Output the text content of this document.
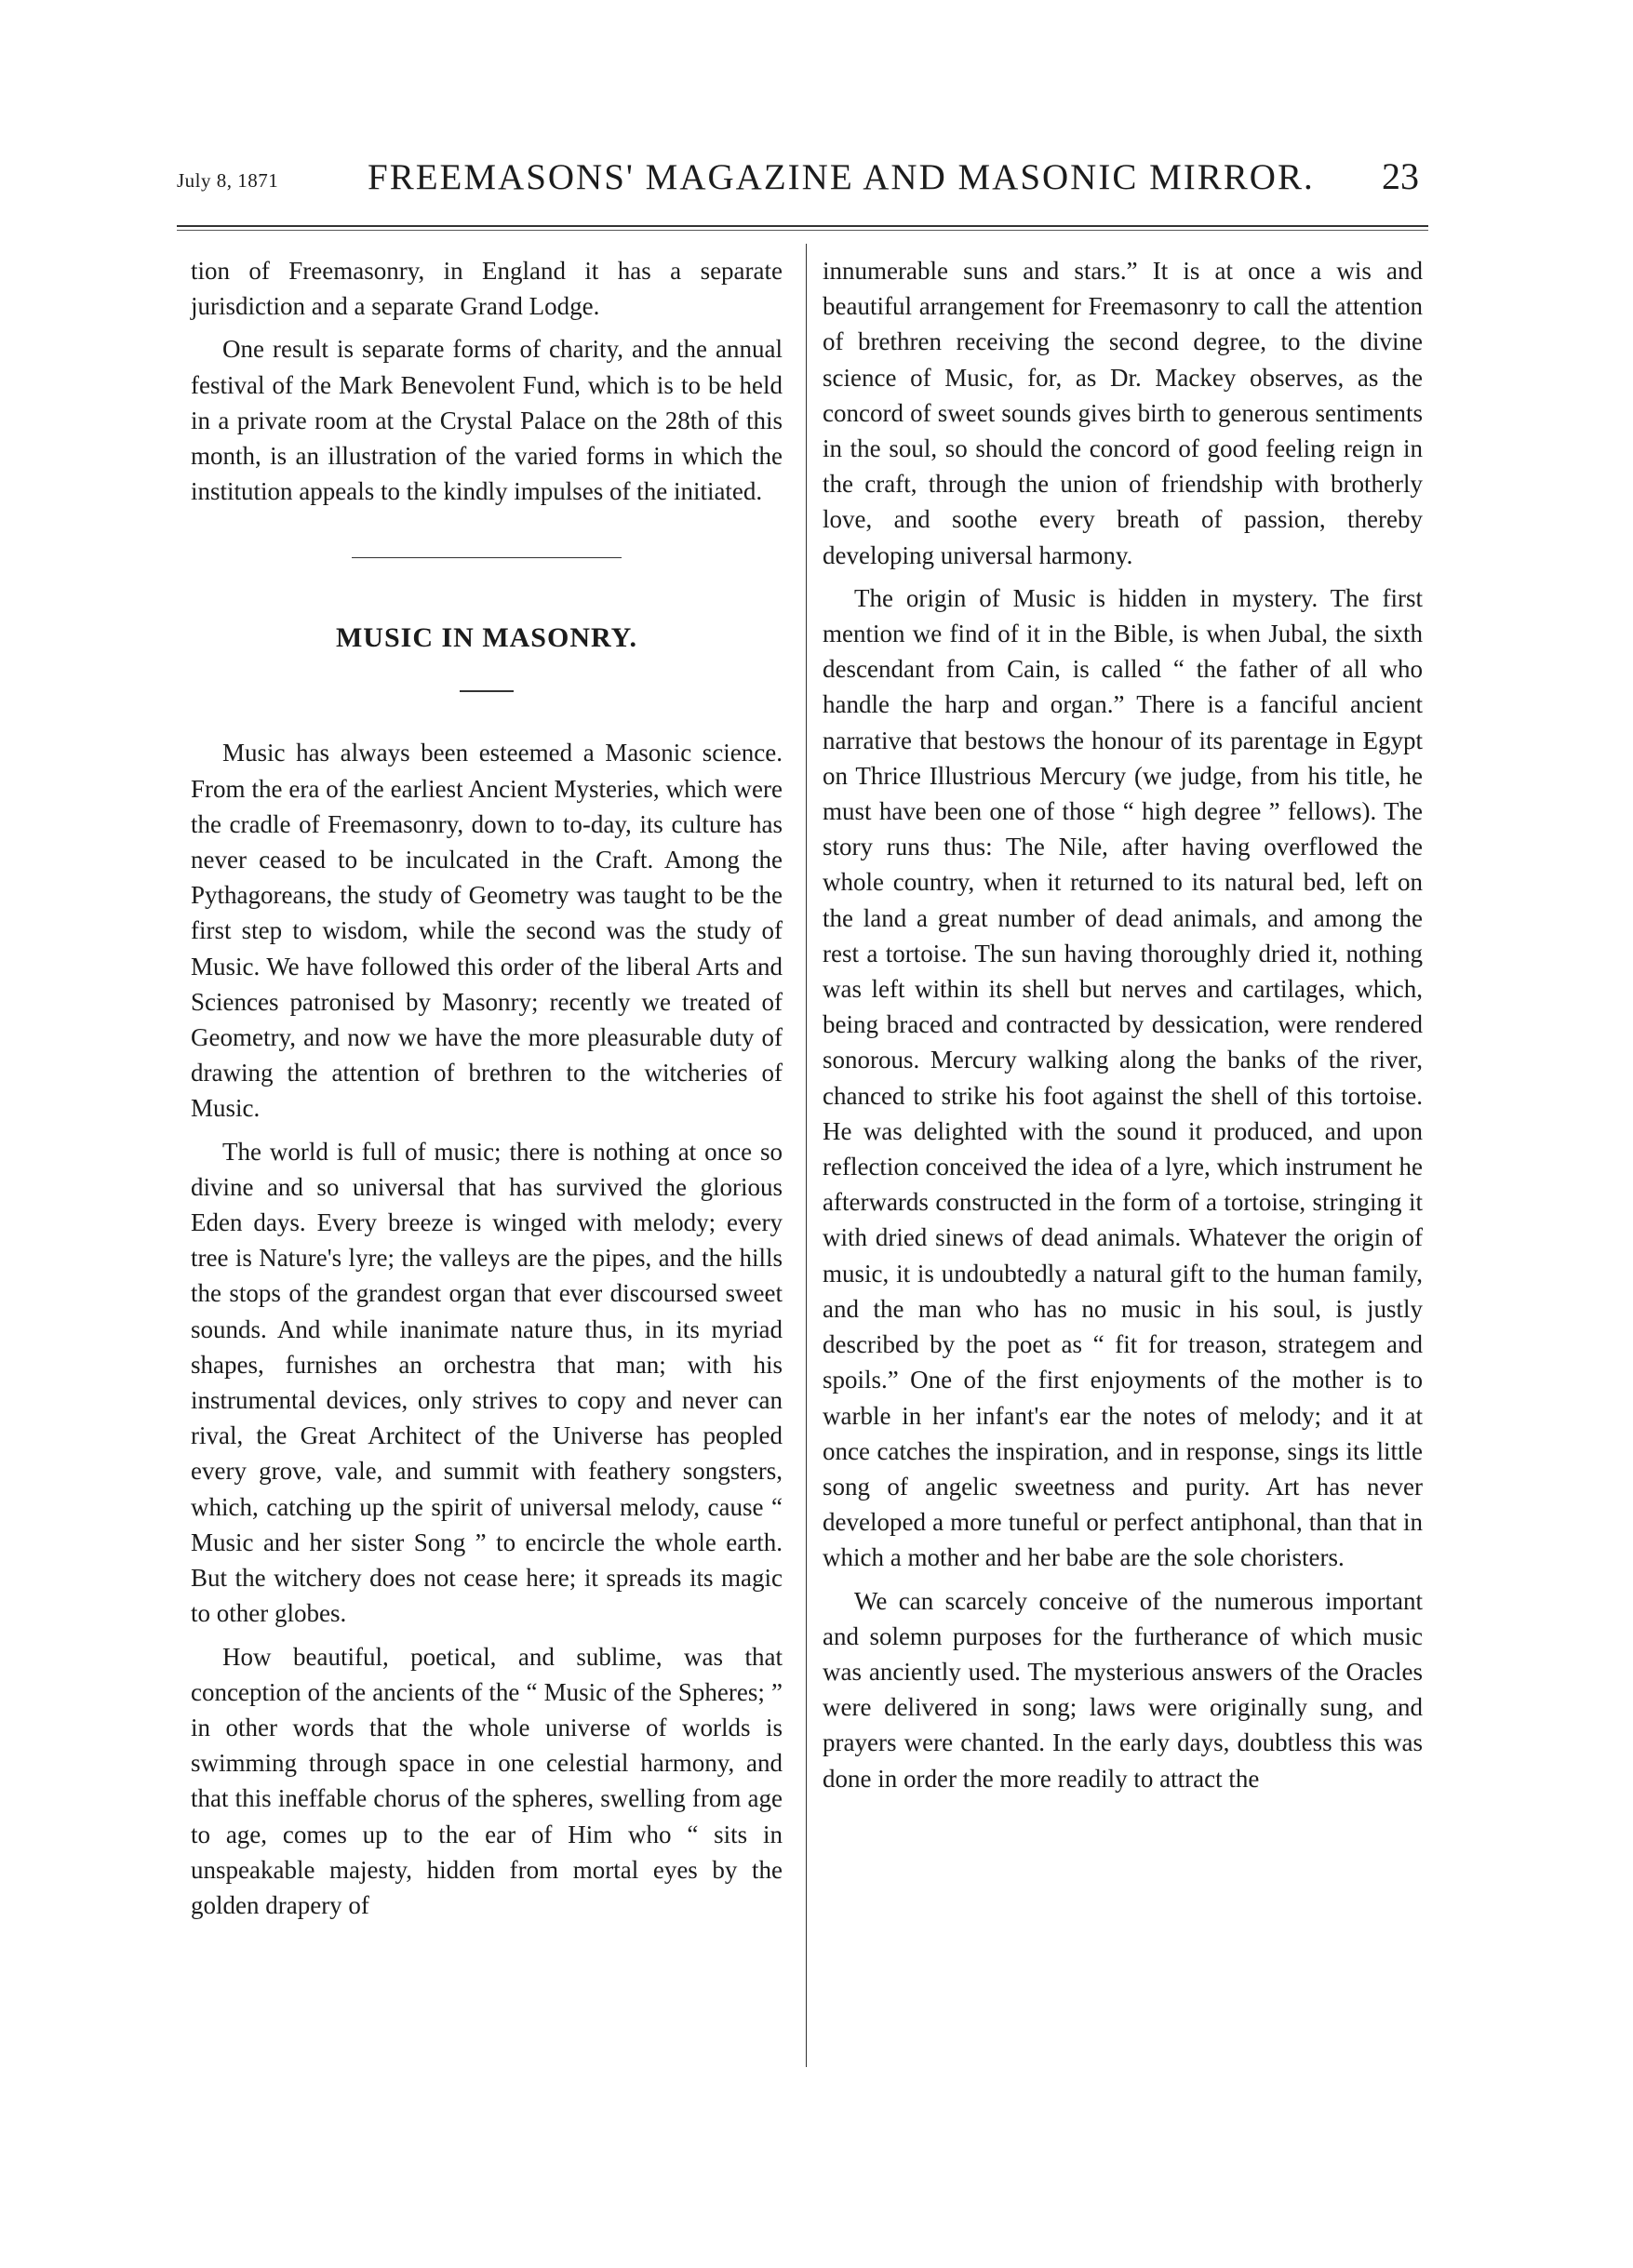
July 8, 1871 FREEMASONS' MAGAZINE AND MASONIC MIRROR. 23

tion of Freemasonry, in England it has a separate jurisdiction and a separate Grand Lodge.

One result is separate forms of charity, and the annual festival of the Mark Benevolent Fund, which is to be held in a private room at the Crystal Palace on the 28th of this month, is an illustration of the varied forms in which the institution appeals to the kindly impulses of the initiated.

MUSIC IN MASONRY.

Music has always been esteemed a Masonic science. From the era of the earliest Ancient Mysteries, which were the cradle of Freemasonry, down to to-day, its culture has never ceased to be inculcated in the Craft. Among the Pythagoreans, the study of Geometry was taught to be the first step to wisdom, while the second was the study of Music. We have followed this order of the liberal Arts and Sciences patronised by Masonry; recently we treated of Geometry, and now we have the more pleasurable duty of drawing the attention of brethren to the witcheries of Music.

The world is full of music; there is nothing at once so divine and so universal that has survived the glorious Eden days. Every breeze is winged with melody; every tree is Nature's lyre; the valleys are the pipes, and the hills the stops of the grandest organ that ever discoursed sweet sounds. And while inanimate nature thus, in its myriad shapes, furnishes an orchestra that man; with his instrumental devices, only strives to copy and never can rival, the Great Architect of the Universe has peopled every grove, vale, and summit with feathery songsters, which, catching up the spirit of universal melody, cause “ Music and her sister Song ” to encircle the whole earth. But the witchery does not cease here; it spreads its magic to other globes.

How beautiful, poetical, and sublime, was that conception of the ancients of the “ Music of the Spheres; ” in other words that the whole universe of worlds is swimming through space in one celestial harmony, and that this ineffable chorus of the spheres, swelling from age to age, comes up to the ear of Him who “ sits in unspeakable majesty, hidden from mortal eyes by the golden drapery of

innumerable suns and stars.” It is at once a wis and beautiful arrangement for Freemasonry to call the attention of brethren receiving the second degree, to the divine science of Music, for, as Dr. Mackey observes, as the concord of sweet sounds gives birth to generous sentiments in the soul, so should the concord of good feeling reign in the craft, through the union of friendship with brotherly love, and soothe every breath of passion, thereby developing universal harmony.

The origin of Music is hidden in mystery. The first mention we find of it in the Bible, is when Jubal, the sixth descendant from Cain, is called “ the father of all who handle the harp and organ.” There is a fanciful ancient narrative that bestows the honour of its parentage in Egypt on Thrice Illustrious Mercury (we judge, from his title, he must have been one of those “ high degree ” fellows). The story runs thus: The Nile, after having overflowed the whole country, when it returned to its natural bed, left on the land a great number of dead animals, and among the rest a tortoise. The sun having thoroughly dried it, nothing was left within its shell but nerves and cartilages, which, being braced and contracted by dessication, were rendered sonorous. Mercury walking along the banks of the river, chanced to strike his foot against the shell of this tortoise. He was delighted with the sound it produced, and upon reflection conceived the idea of a lyre, which instrument he afterwards constructed in the form of a tortoise, stringing it with dried sinews of dead animals. Whatever the origin of music, it is undoubtedly a natural gift to the human family, and the man who has no music in his soul, is justly described by the poet as “ fit for treason, strategem and spoils.” One of the first enjoyments of the mother is to warble in her infant's ear the notes of melody; and it at once catches the inspiration, and in response, sings its little song of angelic sweetness and purity. Art has never developed a more tuneful or perfect antiphonal, than that in which a mother and her babe are the sole choristers.

We can scarcely conceive of the numerous important and solemn purposes for the furtherance of which music was anciently used. The mysterious answers of the Oracles were delivered in song; laws were originally sung, and prayers were chanted. In the early days, doubtless this was done in order the more readily to attract the
